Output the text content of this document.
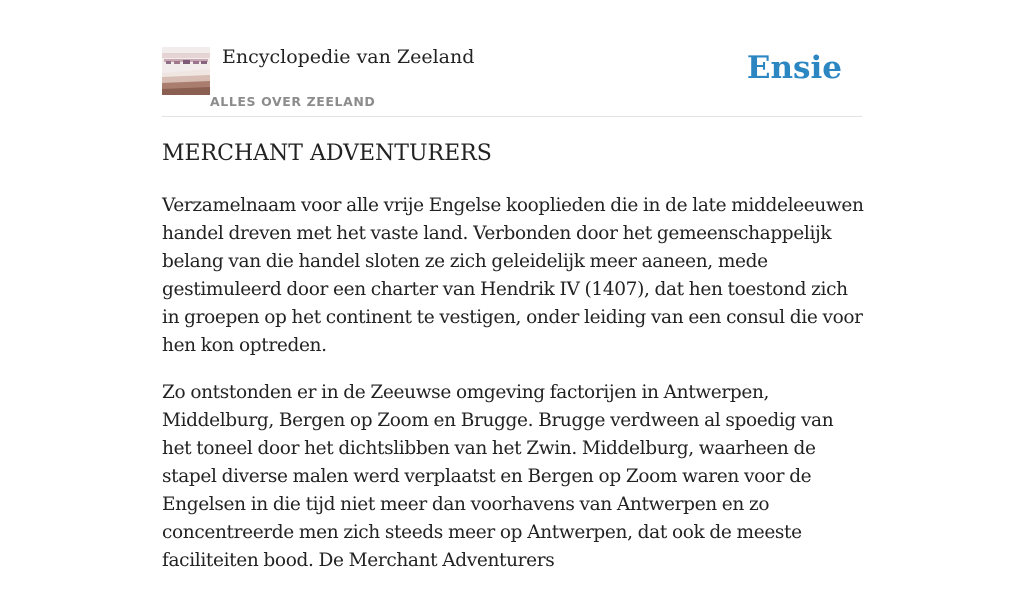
Encyclopedie van Zeeland
ALLES OVER ZEELAND
Ensie
MERCHANT ADVENTURERS

Verzamelnaam voor alle vrije Engelse kooplieden die in de late middeleeuwen handel dreven met het vaste land. Verbonden door het gemeenschappelijk belang van die handel sloten ze zich geleidelijk meer aaneen, mede gestimuleerd door een charter van Hendrik IV (1407), dat hen toestond zich in groepen op het continent te vestigen, onder leiding van een consul die voor hen kon optreden.

Zo ontstonden er in de Zeeuwse omgeving factorijen in Antwerpen, Middelburg, Bergen op Zoom en Brugge. Brugge verdween al spoedig van het toneel door het dichtslibben van het Zwin. Middelburg, waarheen de stapel diverse malen werd verplaatst en Bergen op Zoom waren voor de Engelsen in die tijd niet meer dan voorhavens van Antwerpen en zo concentreerde men zich steeds meer op Antwerpen, dat ook de meeste faciliteiten bood. De Merchant Adventurers
